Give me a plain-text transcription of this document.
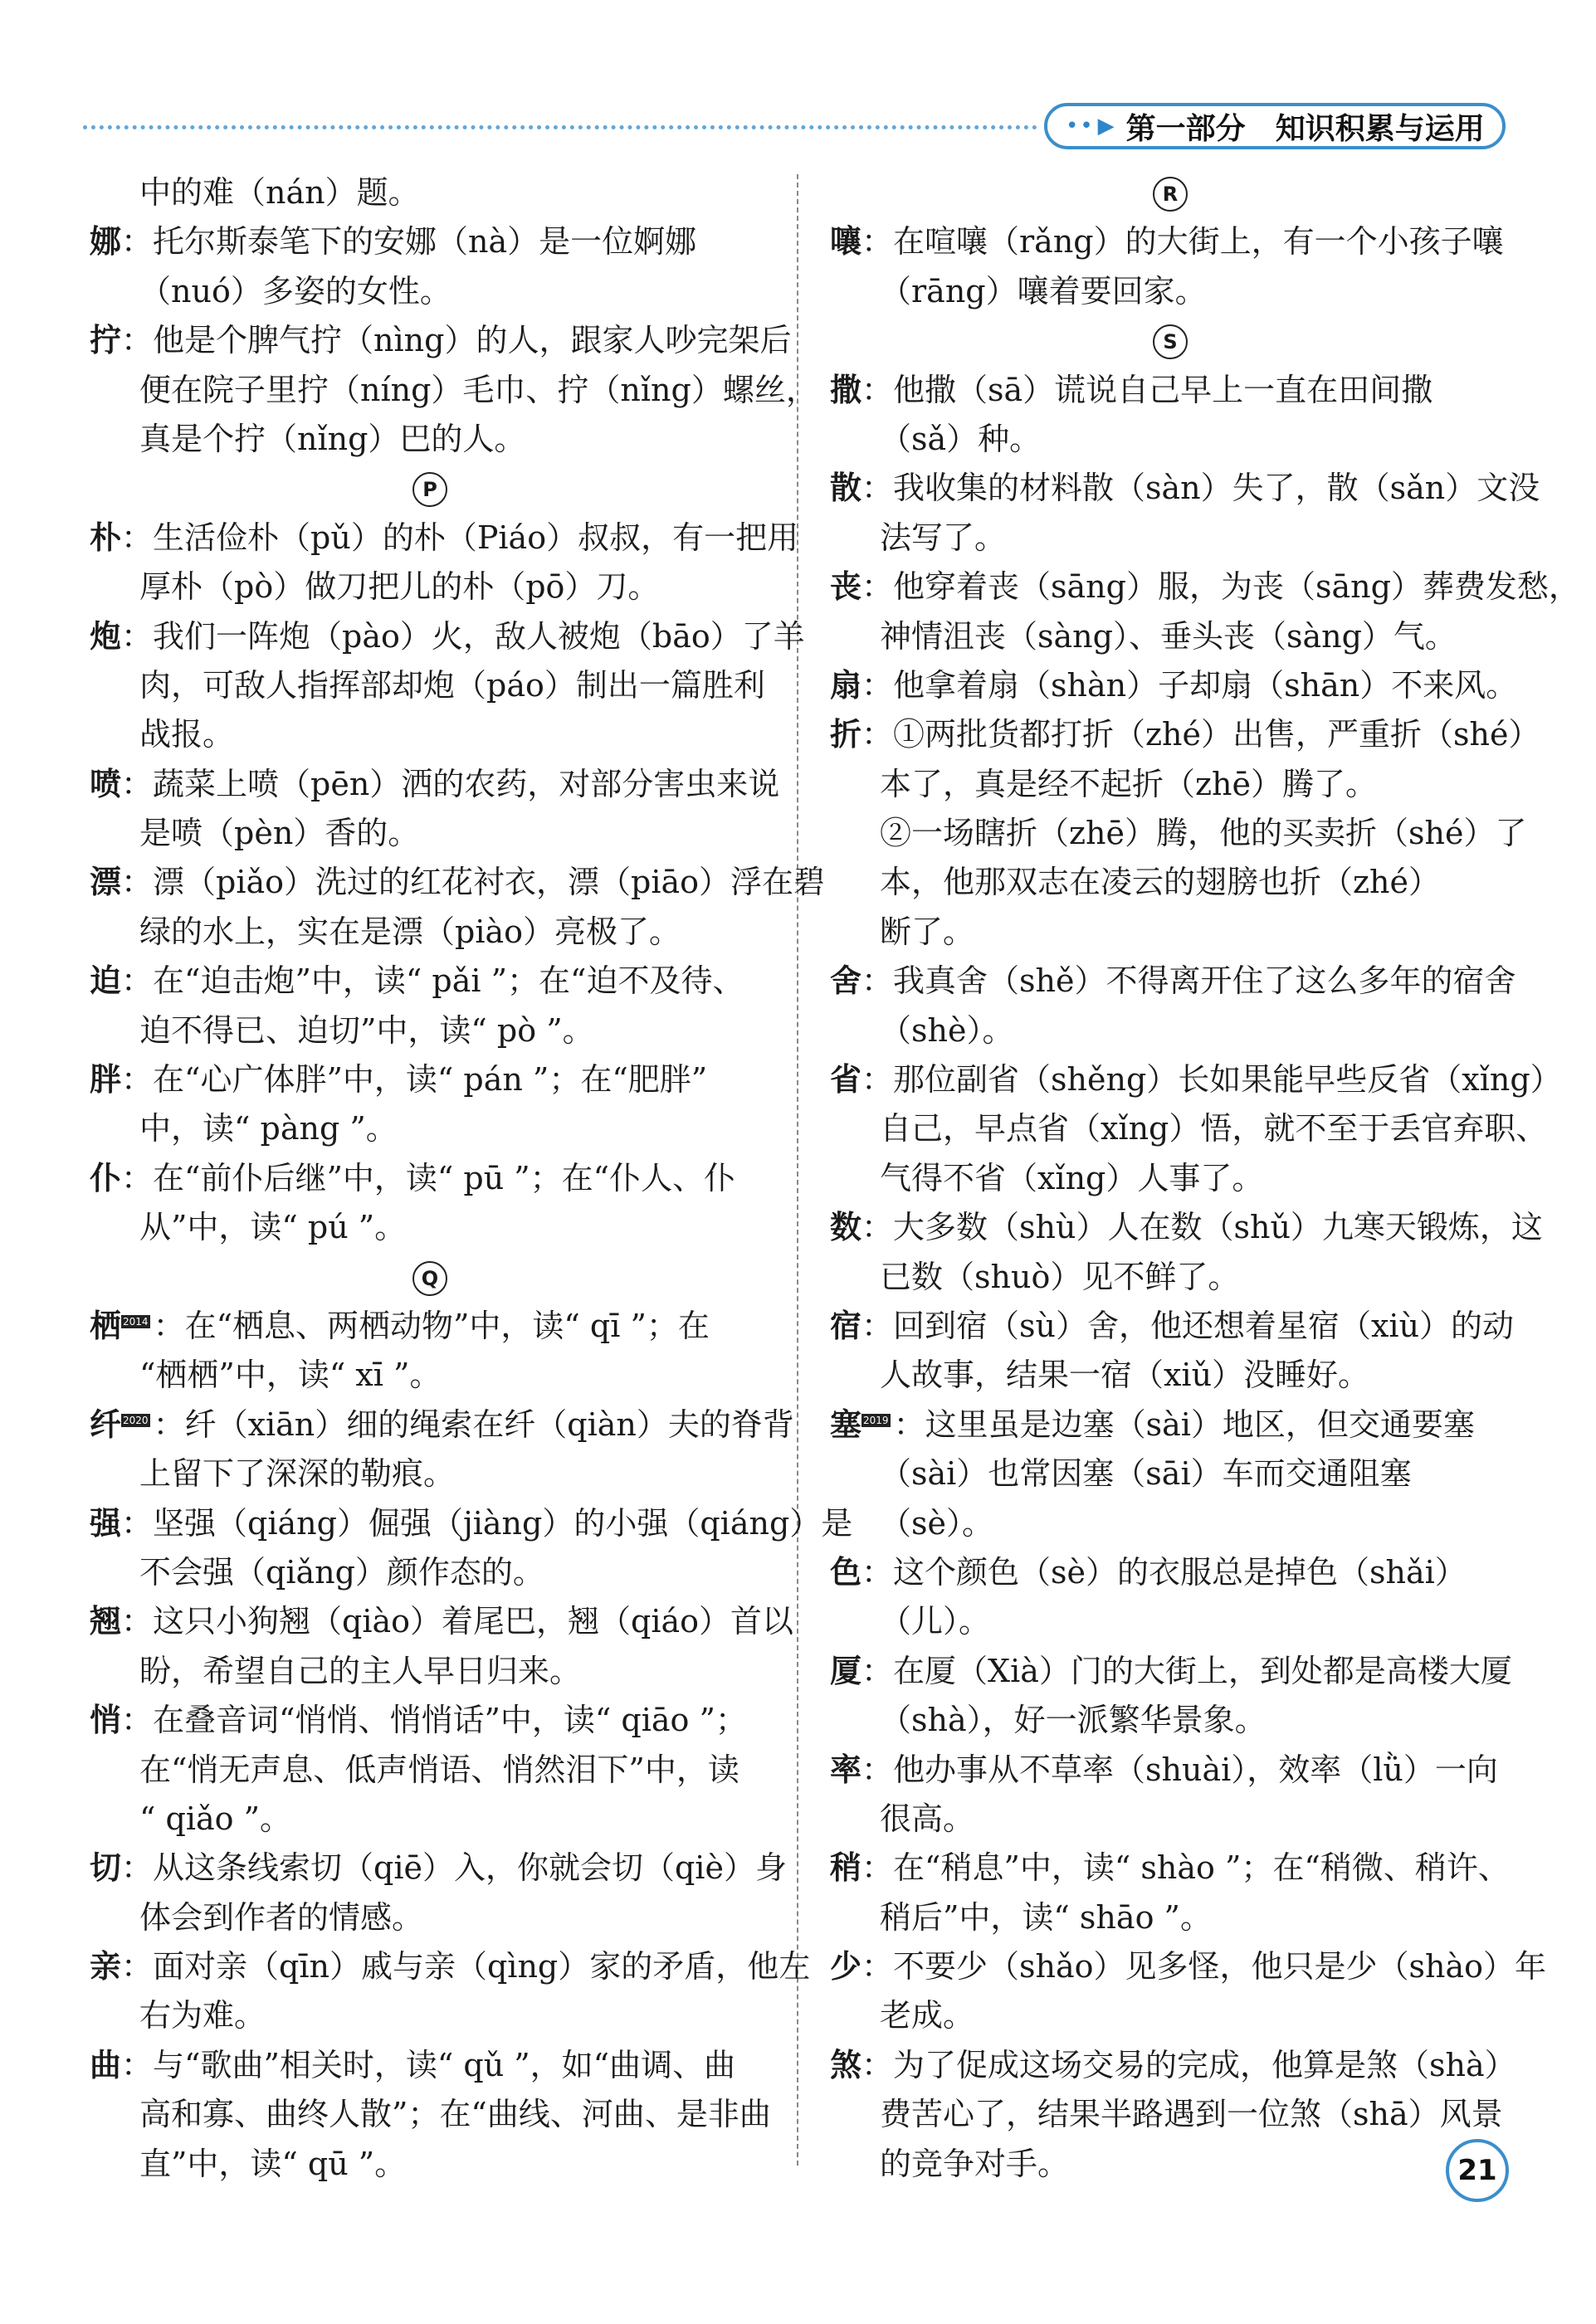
•• ▶ 第一部分 知识积累与运用
中的难（nán）题。
娜：托尔斯泰笔下的安娜（nà）是一位婀娜
（nuó）多姿的女性。
拧：他是个脾气拧（nìng）的人，跟家人吵完架后
便在院子里拧（níng）毛巾、拧（nǐng）螺丝，
真是个拧（nǐng）巴的人。
P
朴：生活俭朴（pǔ）的朴（Piáo）叔叔，有一把用
厚朴（pò）做刀把儿的朴（pō）刀。
炮：我们一阵炮（pào）火，敌人被炮（bāo）了羊
肉，可敌人指挥部却炮（páo）制出一篇胜利
战报。
喷：蔬菜上喷（pēn）洒的农药，对部分害虫来说
是喷（pèn）香的。
漂：漂（piǎo）洗过的红花衬衣，漂（piāo）浮在碧
绿的水上，实在是漂（piào）亮极了。
迫：在“迫击炮”中，读“ pǎi ”；在“迫不及待、
迫不得已、迫切”中，读“ pò ”。
胖：在“心广体胖”中，读“ pán ”；在“肥胖”
中，读“ pàng ”。
仆：在“前仆后继”中，读“ pū ”；在“仆人、仆
从”中，读“ pú ”。
Q
栖 2014 ：在“栖息、两栖动物”中，读“ qī ”；在
“栖栖”中，读“ xī ”。
纤 2020 ：纤（xiān）细的绳索在纤（qiàn）夫的脊背
上留下了深深的勒痕。
强：坚强（qiáng）倔强（jiàng）的小强（qiáng）是
不会强（qiǎng）颜作态的。
翘：这只小狗翘（qiào）着尾巴，翘（qiáo）首以
盼，希望自己的主人早日归来。
悄：在叠音词“悄悄、悄悄话”中，读“ qiāo ”；
在“悄无声息、低声悄语、悄然泪下”中，读
“ qiǎo ”。
切：从这条线索切（qiē）入，你就会切（qiè）身
体会到作者的情感。
亲：面对亲（qīn）戚与亲（qìng）家的矛盾，他左
右为难。
曲：与“歌曲”相关时，读“ qǔ ”，如“曲调、曲
高和寡、曲终人散”；在“曲线、河曲、是非曲
直”中，读“ qū ”。
R
嚷：在喧嚷（rǎng）的大街上，有一个小孩子嚷
（rāng）嚷着要回家。
S
撒：他撒（sā）谎说自己早上一直在田间撒
（sǎ）种。
散：我收集的材料散（sàn）失了，散（sǎn）文没
法写了。
丧：他穿着丧（sāng）服，为丧（sāng）葬费发愁，
神情沮丧（sàng）、垂头丧（sàng）气。
扇：他拿着扇（shàn）子却扇（shān）不来风。
折：①两批货都打折（zhé）出售，严重折（shé）
本了，真是经不起折（zhē）腾了。
②一场瞎折（zhē）腾，他的买卖折（shé）了
本，他那双志在凌云的翅膀也折（zhé）
断了。
舍：我真舍（shě）不得离开住了这么多年的宿舍
（shè）。
省：那位副省（shěng）长如果能早些反省（xǐng）
自己，早点省（xǐng）悟，就不至于丢官弃职、
气得不省（xǐng）人事了。
数：大多数（shù）人在数（shǔ）九寒天锻炼，这
已数（shuò）见不鲜了。
宿：回到宿（sù）舍，他还想着星宿（xiù）的动
人故事，结果一宿（xiǔ）没睡好。
塞 2019 ：这里虽是边塞（sài）地区，但交通要塞
（sài）也常因塞（sāi）车而交通阻塞
（sè）。
色：这个颜色（sè）的衣服总是掉色（shǎi）
（儿）。
厦：在厦（Xià）门的大街上，到处都是高楼大厦
（shà），好一派繁华景象。
率：他办事从不草率（shuài），效率（lǜ）一向
很高。
稍：在“稍息”中，读“ shào ”；在“稍微、稍许、
稍后”中，读“ shāo ”。
少：不要少（shǎo）见多怪，他只是少（shào）年
老成。
煞：为了促成这场交易的完成，他算是煞（shà）
费苦心了，结果半路遇到一位煞（shā）风景
的竞争对手。	21
